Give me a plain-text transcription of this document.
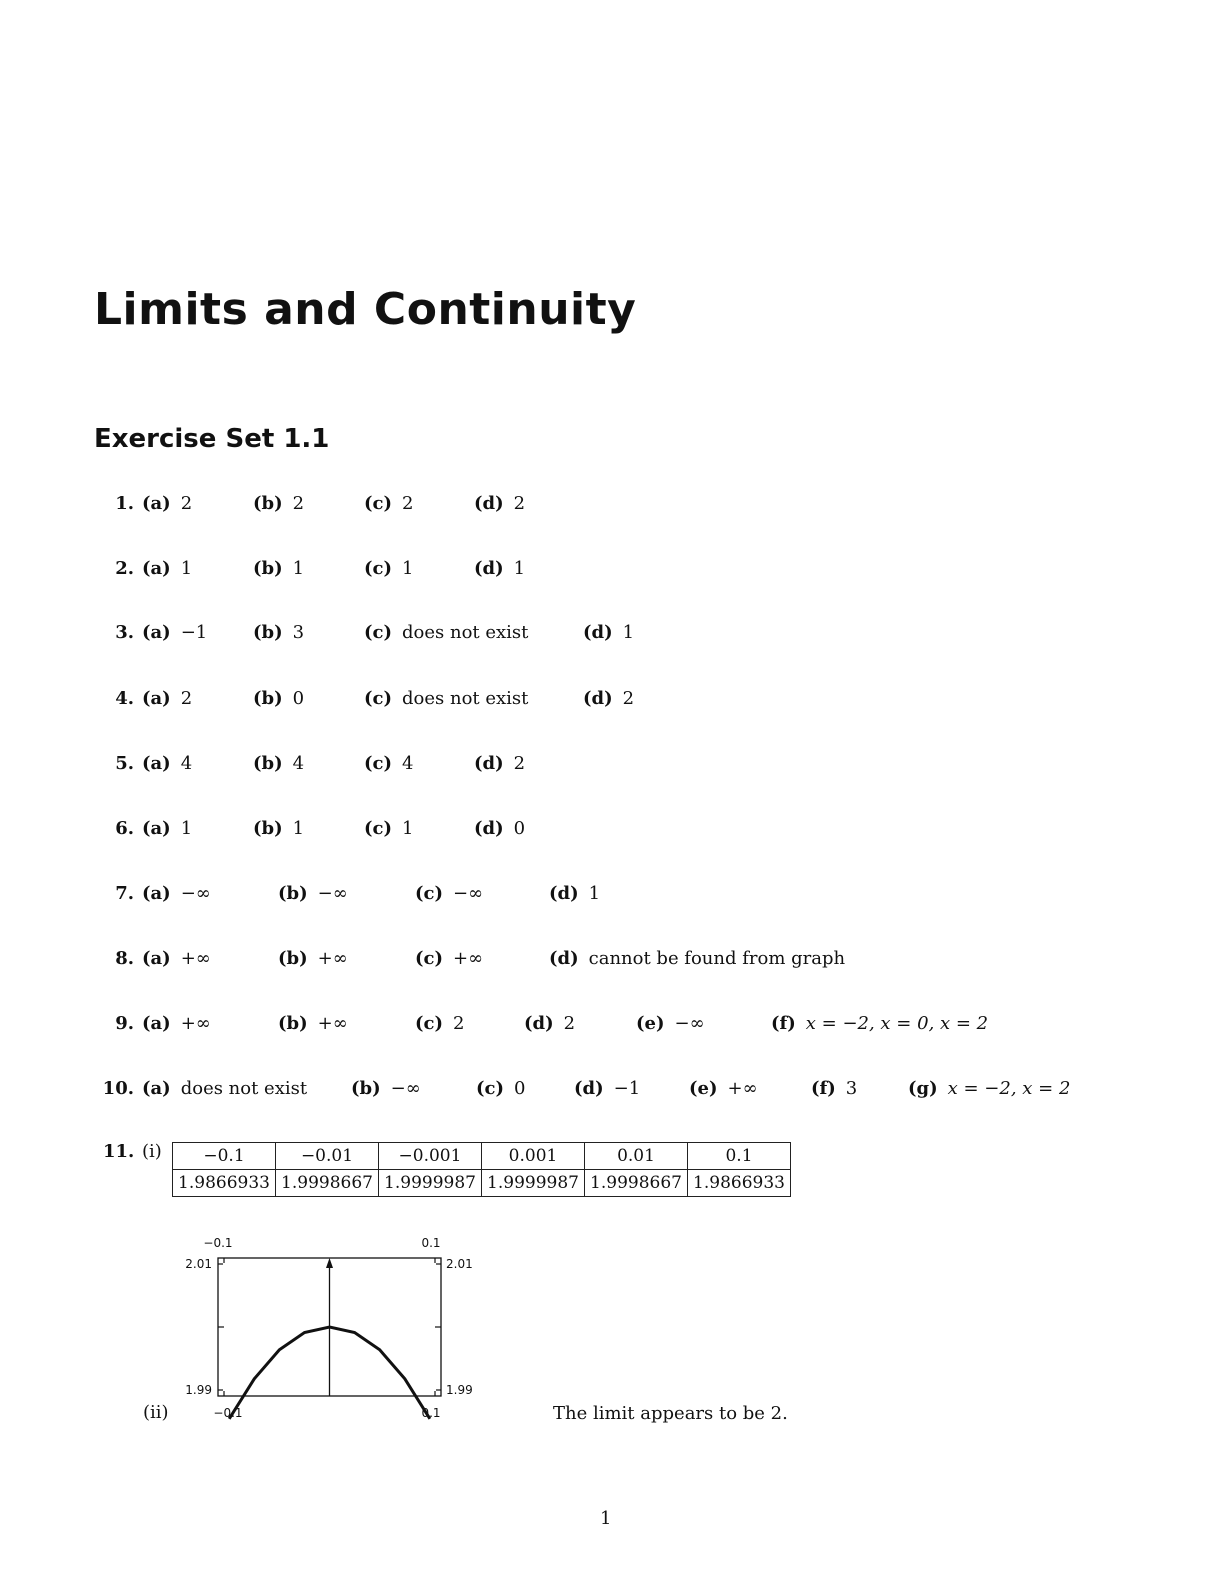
Limits and Continuity
Exercise Set 1.1
1. (a) 2	(b) 2	(c) 2	(d) 2
2. (a) 1	(b) 1	(c) 1	(d) 1
3. (a) −1	(b) 3	(c) does not exist	(d) 1
4. (a) 2	(b) 0	(c) does not exist	(d) 2
5. (a) 4	(b) 4	(c) 4	(d) 2
6. (a) 1	(b) 1	(c) 1	(d) 0
7. (a) −∞	(b) −∞	(c) −∞	(d) 1
8. (a) +∞	(b) +∞	(c) +∞	(d) cannot be found from graph
9. (a) +∞	(b) +∞	(c) 2	(d) 2	(e) −∞	(f) x = −2, x = 0, x = 2
10. (a) does not exist (b) −∞	(c) 0	(d) −1	(e) +∞	(f) 3	(g) x = −2, x = 2
11. (i) −0.1	−0.01	−0.001	0.001	0.01	0.1
1.9866933	1.9998667	1.9999987	1.9999987	1.9998667	1.9866933
−0.1	0.1
2.01	2.01
1.99	1.99
−0.1	0.1
(ii)	The limit appears to be 2.
1
